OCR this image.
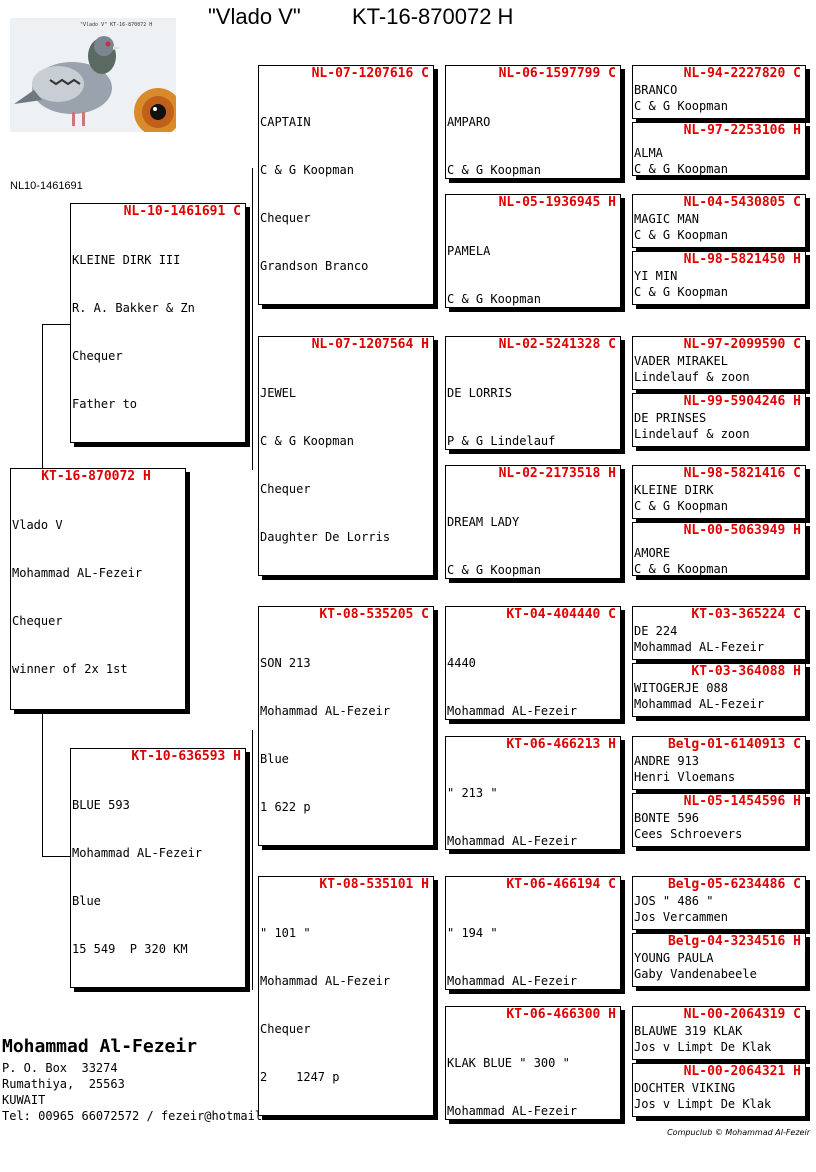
"Vlado V" KT-16-870072 H
"Vlado V" KT-16-870072 H
NL10-1461691
KT-16-870072 H

Vlado V

Mohammad AL-Fezeir

Chequer

winner of 2x 1st

NL-10-1461691 C

KLEINE DIRK III

R. A. Bakker & Zn

Chequer

Father to

KT-10-636593 H

BLUE 593

Mohammad AL-Fezeir

Blue

15 549  P 320 KM

NL-07-1207616 C

CAPTAIN

C & G Koopman

Chequer

Grandson Branco

NL-07-1207564 H

JEWEL

C & G Koopman

Chequer

Daughter De Lorris

KT-08-535205 C

SON 213

Mohammad AL-Fezeir

Blue

1 622 p

KT-08-535101 H

" 101 "

Mohammad AL-Fezeir

Chequer

2    1247 p

NL-06-1597799 C

AMPARO

C & G Koopman

NL-05-1936945 H

PAMELA

C & G Koopman

NL-02-5241328 C

DE LORRIS

P & G Lindelauf

NL-02-2173518 H

DREAM LADY

C & G Koopman

KT-04-404440 C

4440

Mohammad AL-Fezeir

KT-06-466213 H

" 213 "

Mohammad AL-Fezeir

KT-06-466194 C

" 194 "

Mohammad AL-Fezeir

KT-06-466300 H

KLAK BLUE " 300 "

Mohammad AL-Fezeir

NL-94-2227820 C
BRANCO
C & G Koopman
NL-97-2253106 H
ALMA
C & G Koopman
NL-04-5430805 C
MAGIC MAN
C & G Koopman
NL-98-5821450 H
YI MIN
C & G Koopman
NL-97-2099590 C
VADER MIRAKEL
Lindelauf & zoon
NL-99-5904246 H
DE PRINSES
Lindelauf & zoon
NL-98-5821416 C
KLEINE DIRK
C & G Koopman
NL-00-5063949 H
AMORE
C & G Koopman
KT-03-365224 C
DE 224
Mohammad AL-Fezeir
KT-03-364088 H
WITOGERJE 088
Mohammad AL-Fezeir
Belg-01-6140913 C
ANDRE 913
Henri Vloemans
NL-05-1454596 H
BONTE 596
Cees Schroevers
Belg-05-6234486 C
JOS " 486 "
Jos Vercammen
Belg-04-3234516 H
YOUNG PAULA
Gaby Vandenabeele
NL-00-2064319 C
BLAUWE 319 KLAK
Jos v Limpt De Klak
NL-00-2064321 H
DOCHTER VIKING
Jos v Limpt De Klak
Mohammad Al-Fezeir
P. O. Box  33274
Rumathiya,  25563
KUWAIT
Tel: 00965 66072572 / fezeir@hotmail.
Compuclub © Mohammad Al-Fezeir
